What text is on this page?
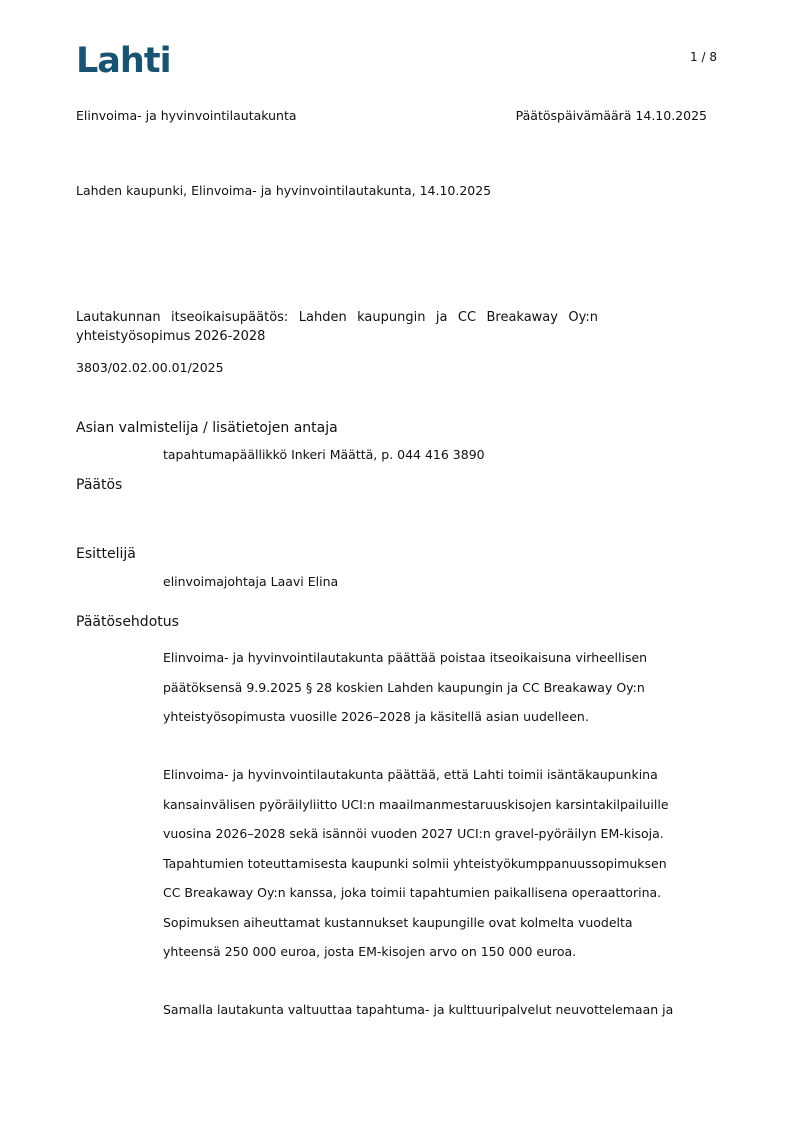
Lahti	1 / 8
Elinvoima- ja hyvinvointilautakunta	Päätöspäivämäärä 14.10.2025
Lahden kaupunki, Elinvoima- ja hyvinvointilautakunta, 14.10.2025
Lautakunnan itseoikaisupäätös: Lahden kaupungin ja CC Breakaway Oy:n
yhteistyösopimus 2026-2028
3803/02.02.00.01/2025
Asian valmistelija / lisätietojen antaja
tapahtumapäällikkö Inkeri Määttä, p. 044 416 3890
Päätös
Esittelijä
elinvoimajohtaja Laavi Elina
Päätösehdotus
Elinvoima- ja hyvinvointilautakunta päättää poistaa itseoikaisuna virheellisen
päätöksensä 9.9.2025 § 28 koskien Lahden kaupungin ja CC Breakaway Oy:n
yhteistyösopimusta vuosille 2026–2028 ja käsitellä asian uudelleen.
Elinvoima- ja hyvinvointilautakunta päättää, että Lahti toimii isäntäkaupunkina
kansainvälisen pyöräilyliitto UCI:n maailmanmestaruuskisojen karsintakilpailuille
vuosina 2026–2028 sekä isännöi vuoden 2027 UCI:n gravel-pyöräilyn EM-kisoja.
Tapahtumien toteuttamisesta kaupunki solmii yhteistyökumppanuussopimuksen
CC Breakaway Oy:n kanssa, joka toimii tapahtumien paikallisena operaattorina.
Sopimuksen aiheuttamat kustannukset kaupungille ovat kolmelta vuodelta
yhteensä 250 000 euroa, josta EM-kisojen arvo on 150 000 euroa.
Samalla lautakunta valtuuttaa tapahtuma- ja kulttuuripalvelut neuvottelemaan ja
